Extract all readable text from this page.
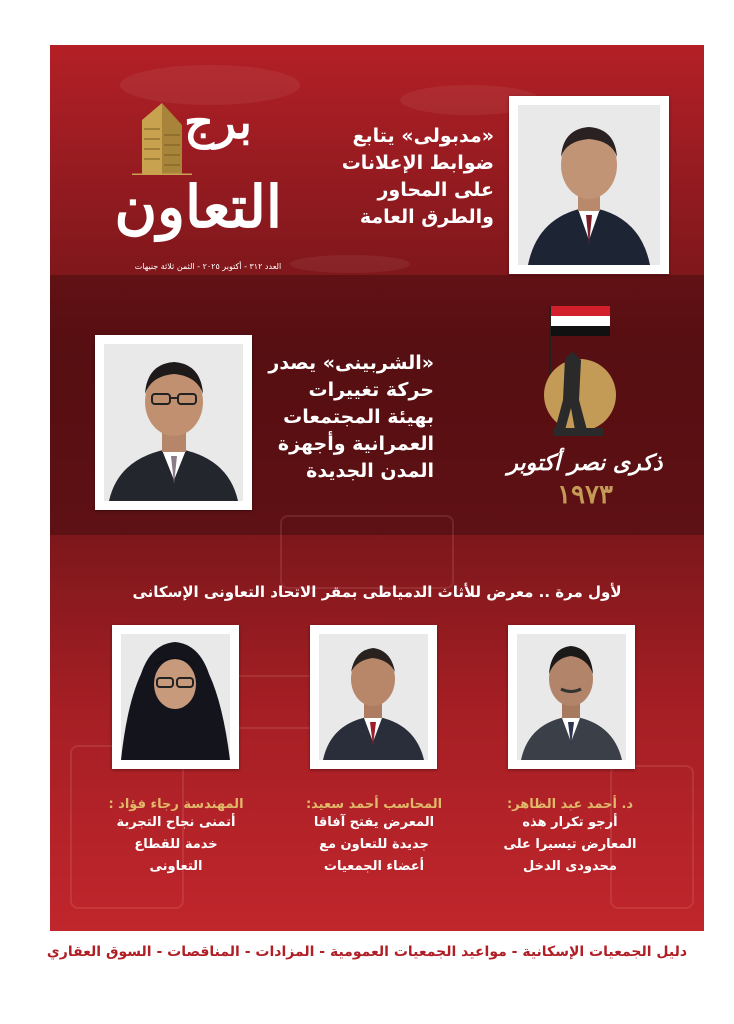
برج
التعاون
العدد ٣١٢ - أكتوبر ٢٠٢٥ - الثمن ثلاثة جنيهات
«مدبولى» يتابع
ضوابط الإعلانات
على المحاور
والطرق العامة
«الشربينى» يصدر
حركة تغييرات
بهيئة المجتمعات
العمرانية وأجهزة
المدن الجديدة	ذكرى نصر أكتوبر
١٩٧٣
لأول مرة .. معرض للأثاث الدمياطى بمقر الاتحاد التعاونى الإسكانى
د. أحمد عبد الظاهر:
أرجو تكرار هذه
المعارض تيسيرا على
محدودى الدخل
المحاسب أحمد سعيد:
المعرض يفتح آفاقا
جديدة للتعاون مع
أعضاء الجمعيات
المهندسة رجاء فؤاد :
أتمنى نجاح التجربة
خدمة للقطاع
التعاونى
دليل الجمعيات الإسكانية - مواعيد الجمعيات العمومية - المزادات - المناقصات - السوق العقاري
